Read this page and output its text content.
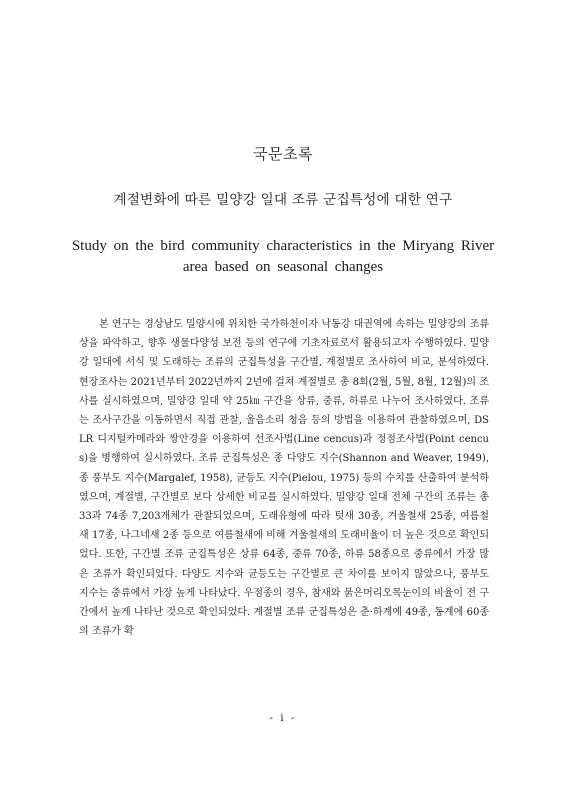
국문초록
계절변화에 따른 밀양강 일대 조류 군집특성에 대한 연구
Study on the bird community characteristics in the Miryang River area based on seasonal changes

본 연구는 경상남도 밀양시에 위치한 국가하천이자 낙동강 대권역에 속하는 밀양강의 조류상을 파악하고, 향후 생물다양성 보전 등의 연구에 기초자료로서 활용되고자 수행하였다. 밀양강 일대에 서식 및 도래하는 조류의 군집특성을 구간별, 계절별로 조사하여 비교, 분석하였다. 현장조사는 2021년부터 2022년까지 2년에 걸쳐 계절별로 총 8회(2월, 5월, 8월, 12월)의 조사를 실시하였으며, 밀양강 일대 약 25㎞ 구간을 상류, 중류, 하류로 나누어 조사하였다. 조류는 조사구간을 이동하면서 직접 관찰, 울음소리 청음 등의 방법을 이용하여 관찰하였으며, DSLR 디지털카메라와 쌍안경을 이용하여 선조사법(Line cencus)과 정점조사법(Point cencus)을 병행하여 실시하였다. 조류 군집특성은 종 다양도 지수(Shannon and Weaver, 1949), 종 풍부도 지수(Margalef, 1958), 균등도 지수(Pielou, 1975) 등의 수치를 산출하여 분석하였으며, 계절별, 구간별로 보다 상세한 비교를 실시하였다. 밀양강 일대 전체 구간의 조류는 총 33과 74종 7,203개체가 관찰되었으며, 도래유형에 따라 텃새 30종, 겨울철새 25종, 여름철새 17종, 나그네새 2종 등으로 여름철새에 비해 겨울철새의 도래비율이 더 높은 것으로 확인되었다. 또한, 구간별 조류 군집특성은 상류 64종, 중류 70종, 하류 58종으로 중류에서 가장 많은 조류가 확인되었다. 다양도 지수와 균등도는 구간별로 큰 차이를 보이지 않았으나, 풍부도 지수는 중류에서 가장 높게 나타났다. 우점종의 경우, 참새와 붉은머리오목눈이의 비율이 전 구간에서 높게 나타난 것으로 확인되었다. 계절별 조류 군집특성은 춘·하계에 49종, 동계에 60종의 조류가 확

- i -
